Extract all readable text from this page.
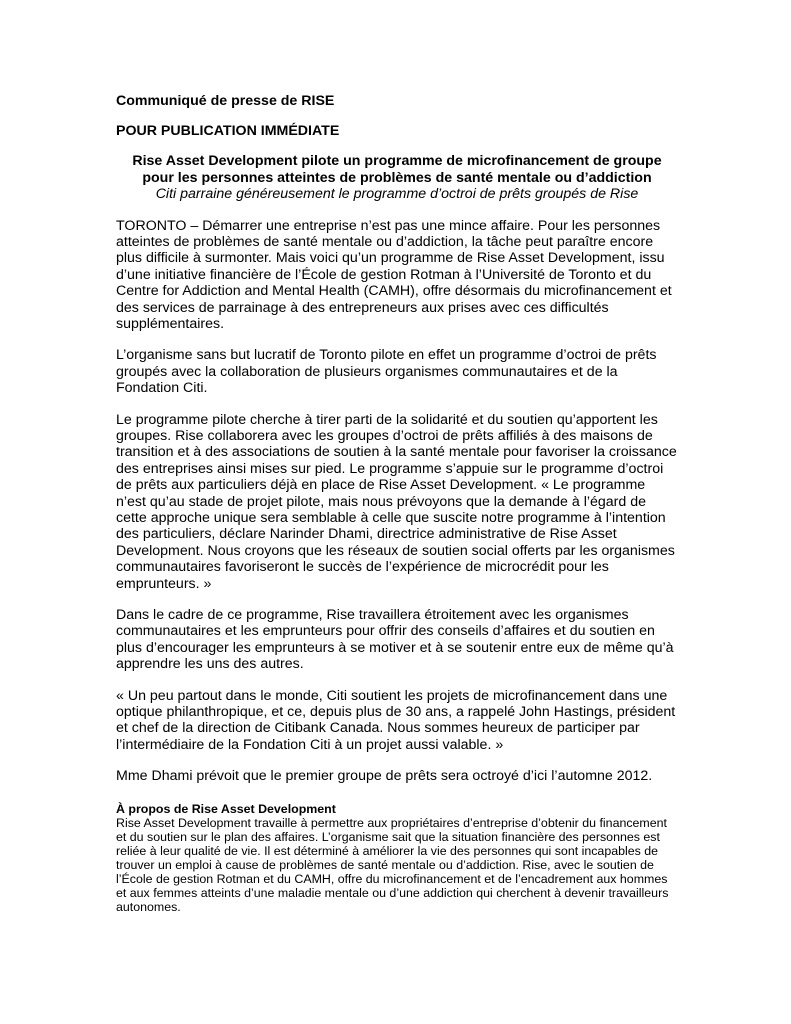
Communiqué de presse de RISE

POUR PUBLICATION IMMÉDIATE

Rise Asset Development pilote un programme de microfinancement de groupe pour les personnes atteintes de problèmes de santé mentale ou d’addiction

Citi parraine généreusement le programme d’octroi de prêts groupés de Rise

TORONTO – Démarrer une entreprise n’est pas une mince affaire. Pour les personnes atteintes de problèmes de santé mentale ou d’addiction, la tâche peut paraître encore plus difficile à surmonter. Mais voici qu’un programme de Rise Asset Development, issu d’une initiative financière de l’École de gestion Rotman à l’Université de Toronto et du Centre for Addiction and Mental Health (CAMH), offre désormais du microfinancement et des services de parrainage à des entrepreneurs aux prises avec ces difficultés supplémentaires.

L’organisme sans but lucratif de Toronto pilote en effet un programme d’octroi de prêts groupés avec la collaboration de plusieurs organismes communautaires et de la Fondation Citi.

Le programme pilote cherche à tirer parti de la solidarité et du soutien qu’apportent les groupes. Rise collaborera avec les groupes d’octroi de prêts affiliés à des maisons de transition et à des associations de soutien à la santé mentale pour favoriser la croissance des entreprises ainsi mises sur pied. Le programme s’appuie sur le programme d’octroi de prêts aux particuliers déjà en place de Rise Asset Development. « Le programme n’est qu’au stade de projet pilote, mais nous prévoyons que la demande à l’égard de cette approche unique sera semblable à celle que suscite notre programme à l’intention des particuliers, déclare Narinder Dhami, directrice administrative de Rise Asset Development. Nous croyons que les réseaux de soutien social offerts par les organismes communautaires favoriseront le succès de l’expérience de microcrédit pour les emprunteurs. »

Dans le cadre de ce programme, Rise travaillera étroitement avec les organismes communautaires et les emprunteurs pour offrir des conseils d’affaires et du soutien en plus d’encourager les emprunteurs à se motiver et à se soutenir entre eux de même qu’à apprendre les uns des autres.

« Un peu partout dans le monde, Citi soutient les projets de microfinancement dans une optique philanthropique, et ce, depuis plus de 30 ans, a rappelé John Hastings, président et chef de la direction de Citibank Canada. Nous sommes heureux de participer par l’intermédiaire de la Fondation Citi à un projet aussi valable. »

Mme Dhami prévoit que le premier groupe de prêts sera octroyé d’ici l’automne 2012.

À propos de Rise Asset Development

Rise Asset Development travaille à permettre aux propriétaires d’entreprise d’obtenir du financement et du soutien sur le plan des affaires. L’organisme sait que la situation financière des personnes est reliée à leur qualité de vie. Il est déterminé à améliorer la vie des personnes qui sont incapables de trouver un emploi à cause de problèmes de santé mentale ou d’addiction. Rise, avec le soutien de l’École de gestion Rotman et du CAMH, offre du microfinancement et de l’encadrement aux hommes et aux femmes atteints d’une maladie mentale ou d’une addiction qui cherchent à devenir travailleurs autonomes.
